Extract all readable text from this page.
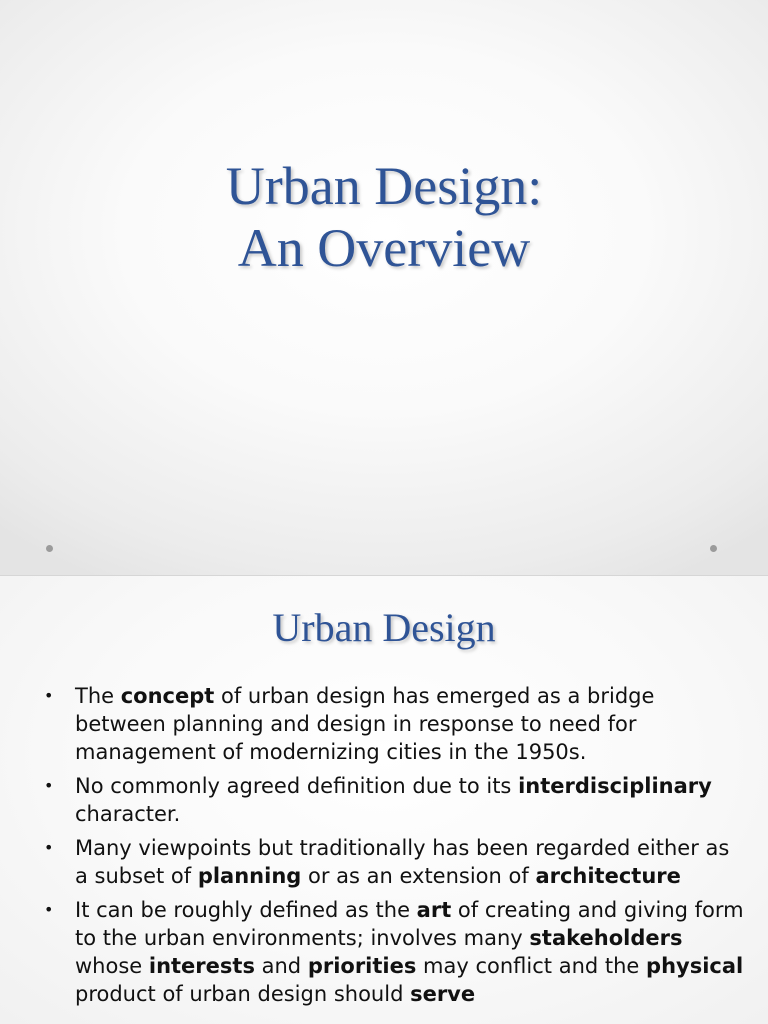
Urban Design:
An Overview
Urban Design
• The concept of urban design has emerged as a bridge between planning and design in response to need for management of modernizing cities in the 1950s.
• No commonly agreed definition due to its interdisciplinary character.
• Many viewpoints but traditionally has been regarded either as a subset of planning or as an extension of architecture
• It can be roughly defined as the art of creating and giving form to the urban environments; involves many stakeholders whose interests and priorities may conflict and the physical product of urban design should serve
